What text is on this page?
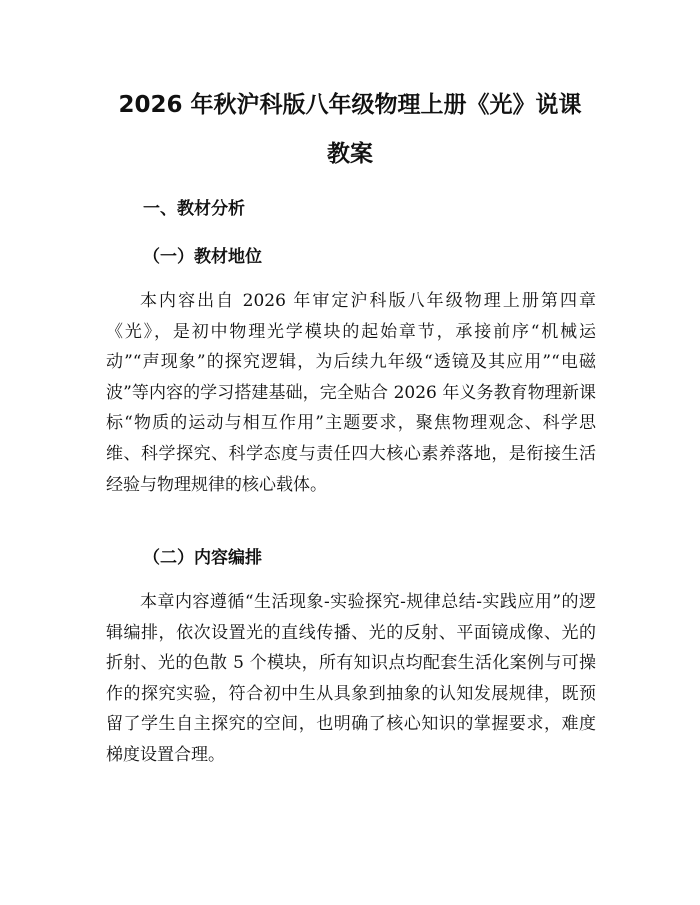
2026 年秋沪科版八年级物理上册《光》说课
教案
一、教材分析
（一）教材地位

本内容出自 2026 年审定沪科版八年级物理上册第四章《光》，是初中物理光学模块的起始章节，承接前序“机械运动”“声现象”的探究逻辑，为后续九年级“透镜及其应用”“电磁波”等内容的学习搭建基础，完全贴合 2026 年义务教育物理新课标“物质的运动与相互作用”主题要求，聚焦物理观念、科学思维、科学探究、科学态度与责任四大核心素养落地，是衔接生活经验与物理规律的核心载体。

（二）内容编排

本章内容遵循“生活现象-实验探究-规律总结-实践应用”的逻辑编排，依次设置光的直线传播、光的反射、平面镜成像、光的折射、光的色散 5 个模块，所有知识点均配套生活化案例与可操作的探究实验，符合初中生从具象到抽象的认知发展规律，既预留了学生自主探究的空间，也明确了核心知识的掌握要求，难度梯度设置合理。
